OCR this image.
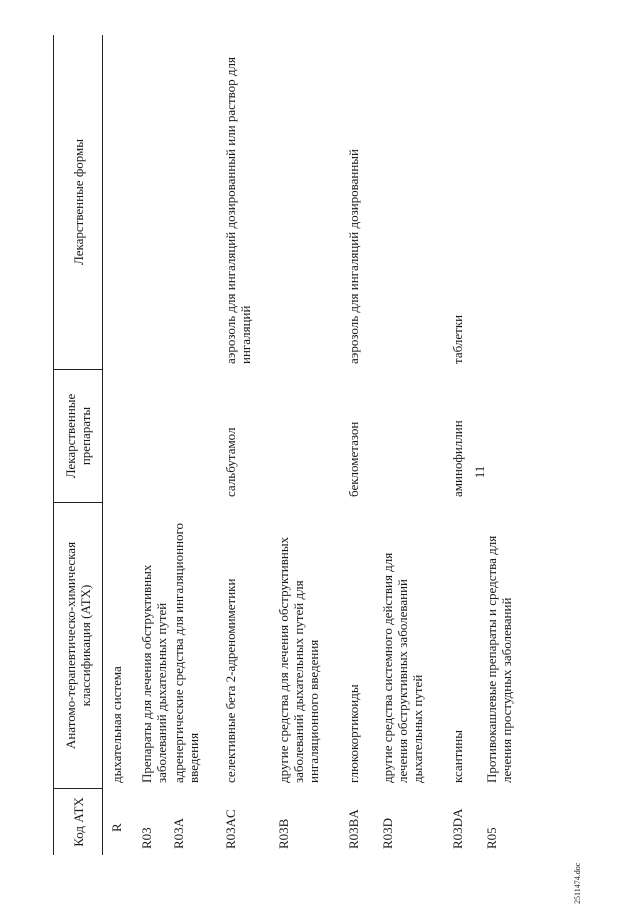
11
2511474.doc
Код АТХ
Анатомо-терапевтическо-химическая классификация (АТХ)
Лекарственные препараты
Лекарственные формы
R
дыхательная система
R03
Препараты для лечения обструктивных заболеваний дыхательных путей
R03A
адренергические средства для ингаляционного введения
R03AC
селективные бета 2-адреномиметики
сальбутамол
аэрозоль для ингаляций дозированный или раствор для ингаляций
R03B
другие средства для лечения обструктивных заболеваний дыхательных путей для ингаляционного введения
R03BA
глюкокортикоиды
беклометазон
аэрозоль для ингаляций дозированный
R03D
другие средства системного действия для лечения обструктивных заболеваний дыхательных путей
R03DA
ксантины
аминофиллин
таблетки
R05
Противокашлевые препараты и средства для лечения простудных заболеваний
